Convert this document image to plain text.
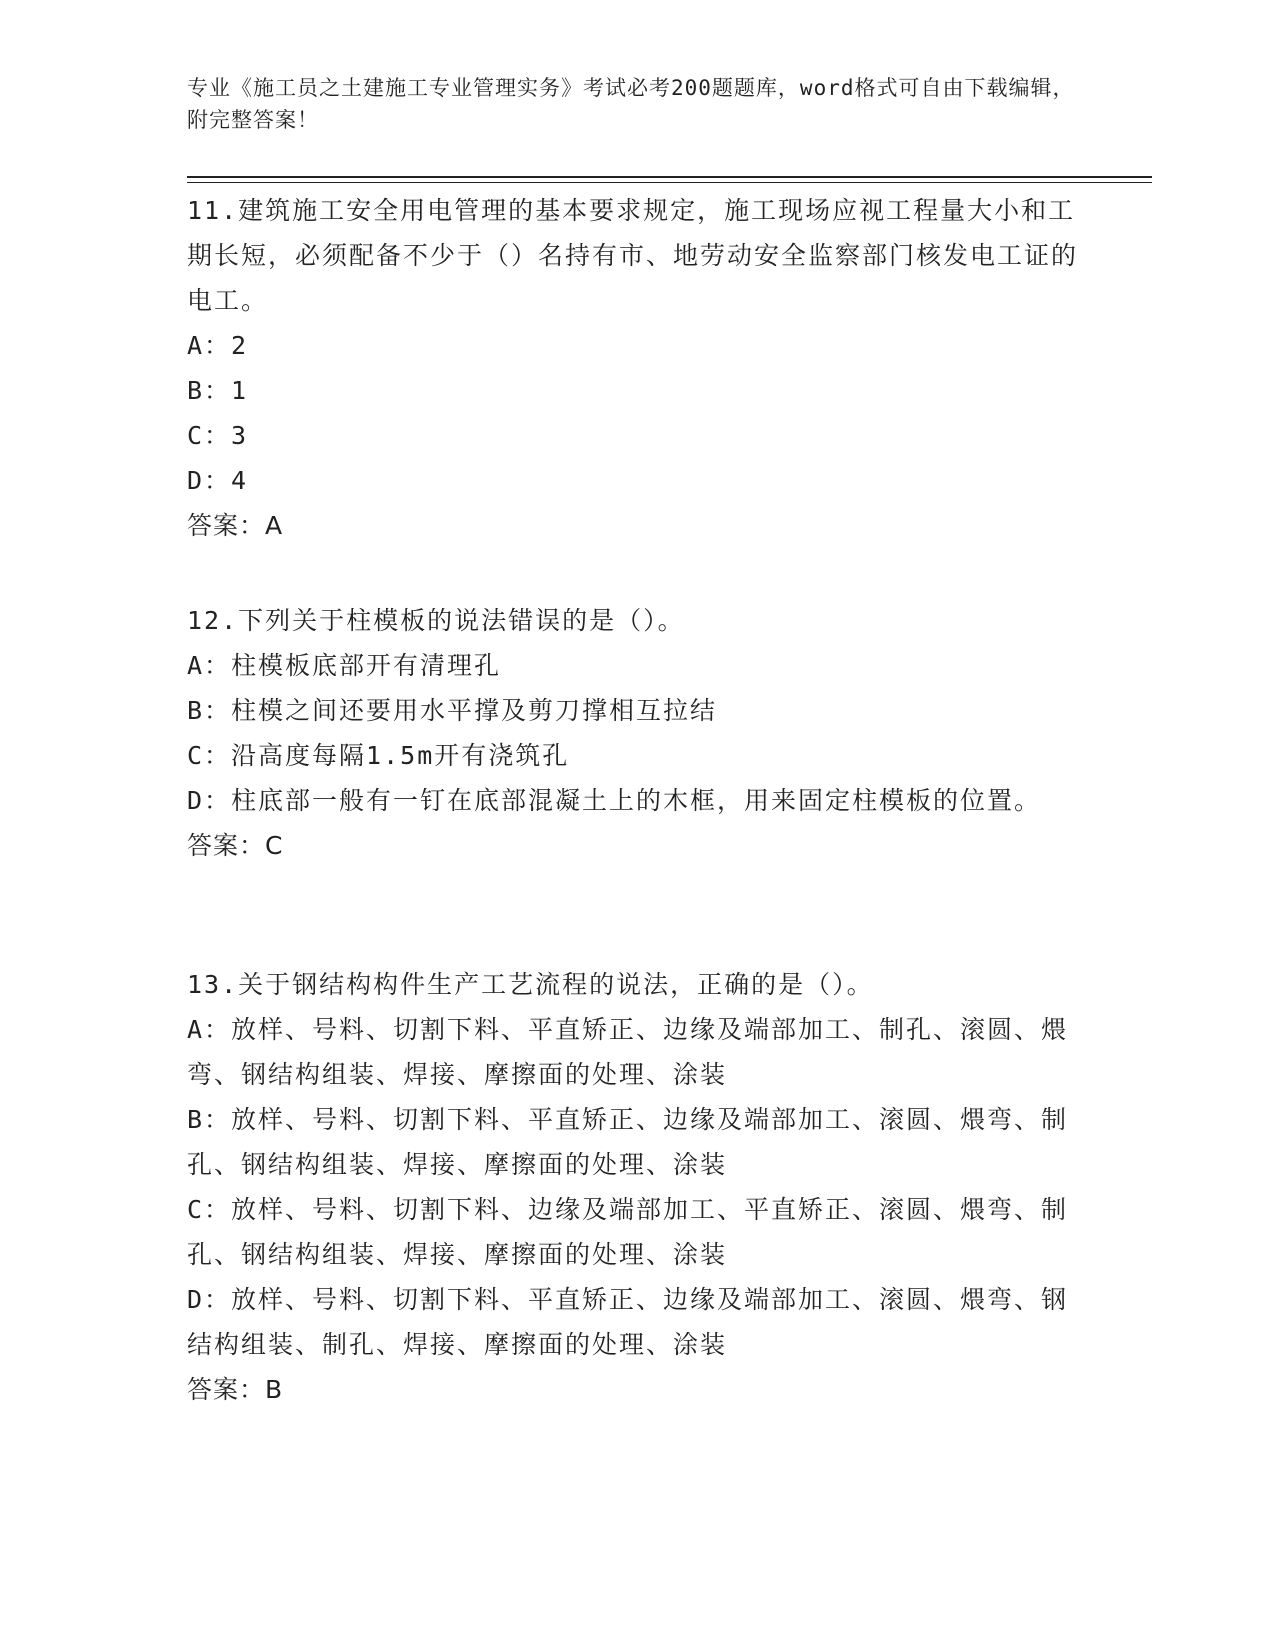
专业《施工员之土建施工专业管理实务》考试必考200题题库，word格式可自由下载编辑，附完整答案！

11.建筑施工安全用电管理的基本要求规定，施工现场应视工程量大小和工期长短，必须配备不少于（）名持有市、地劳动安全监察部门核发电工证的电工。

A：2

B：1

C：3

D：4

答案：A

12.下列关于柱模板的说法错误的是（）。

A：柱模板底部开有清理孔

B：柱模之间还要用水平撑及剪刀撑相互拉结

C：沿高度每隔1.5m开有浇筑孔

D：柱底部一般有一钉在底部混凝土上的木框，用来固定柱模板的位置。

答案：C

13.关于钢结构构件生产工艺流程的说法，正确的是（）。

A：放样、号料、切割下料、平直矫正、边缘及端部加工、制孔、滚圆、煨弯、钢结构组装、焊接、摩擦面的处理、涂装

B：放样、号料、切割下料、平直矫正、边缘及端部加工、滚圆、煨弯、制孔、钢结构组装、焊接、摩擦面的处理、涂装

C：放样、号料、切割下料、边缘及端部加工、平直矫正、滚圆、煨弯、制孔、钢结构组装、焊接、摩擦面的处理、涂装

D：放样、号料、切割下料、平直矫正、边缘及端部加工、滚圆、煨弯、钢结构组装、制孔、焊接、摩擦面的处理、涂装

答案：B
